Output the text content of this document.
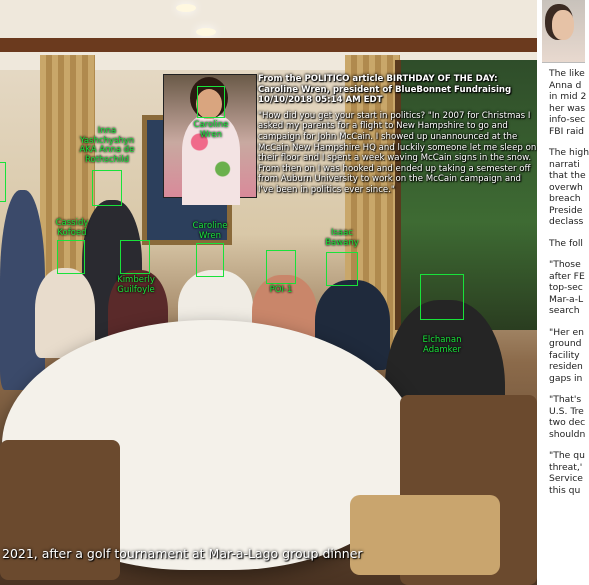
Inna Yashchyshyn AKA Anna de Rothschild
Caroline Wren
Cassidy Kofoed
Kimberly Guilfoyle
Caroline Wren
POI-1
Isaac Bawany
Elchanan Adamker
From the POLITICO article BIRTHDAY OF THE DAY: Caroline Wren, president of BlueBonnet Fundraising 10/10/2018 05:14 AM EDT
"How did you get your start in politics? "In 2007 for Christmas I asked my parents for a flight to New Hampshire to go and campaign for John McCain. I showed up unannounced at the McCain New Hampshire HQ and luckily someone let me sleep on their floor and I spent a week waving McCain signs in the snow. From then on I was hooked and ended up taking a semester off from Auburn University to work on the McCain campaign and I've been in politics ever since."
2021, after a golf tournament at Mar-a-Lago group dinner
The like
Anna d
in mid 2
her was
info-sec
FBI raid
The high
narrati
that the
overwh
breach
Preside
declass
The foll
"Those
after FE
top-sec
Mar-a-L
search
"Her en
ground
facility
residen
gaps in
"That's
U.S. Tre
two dec
shouldn
"The qu
threat,'
Service
this qu
